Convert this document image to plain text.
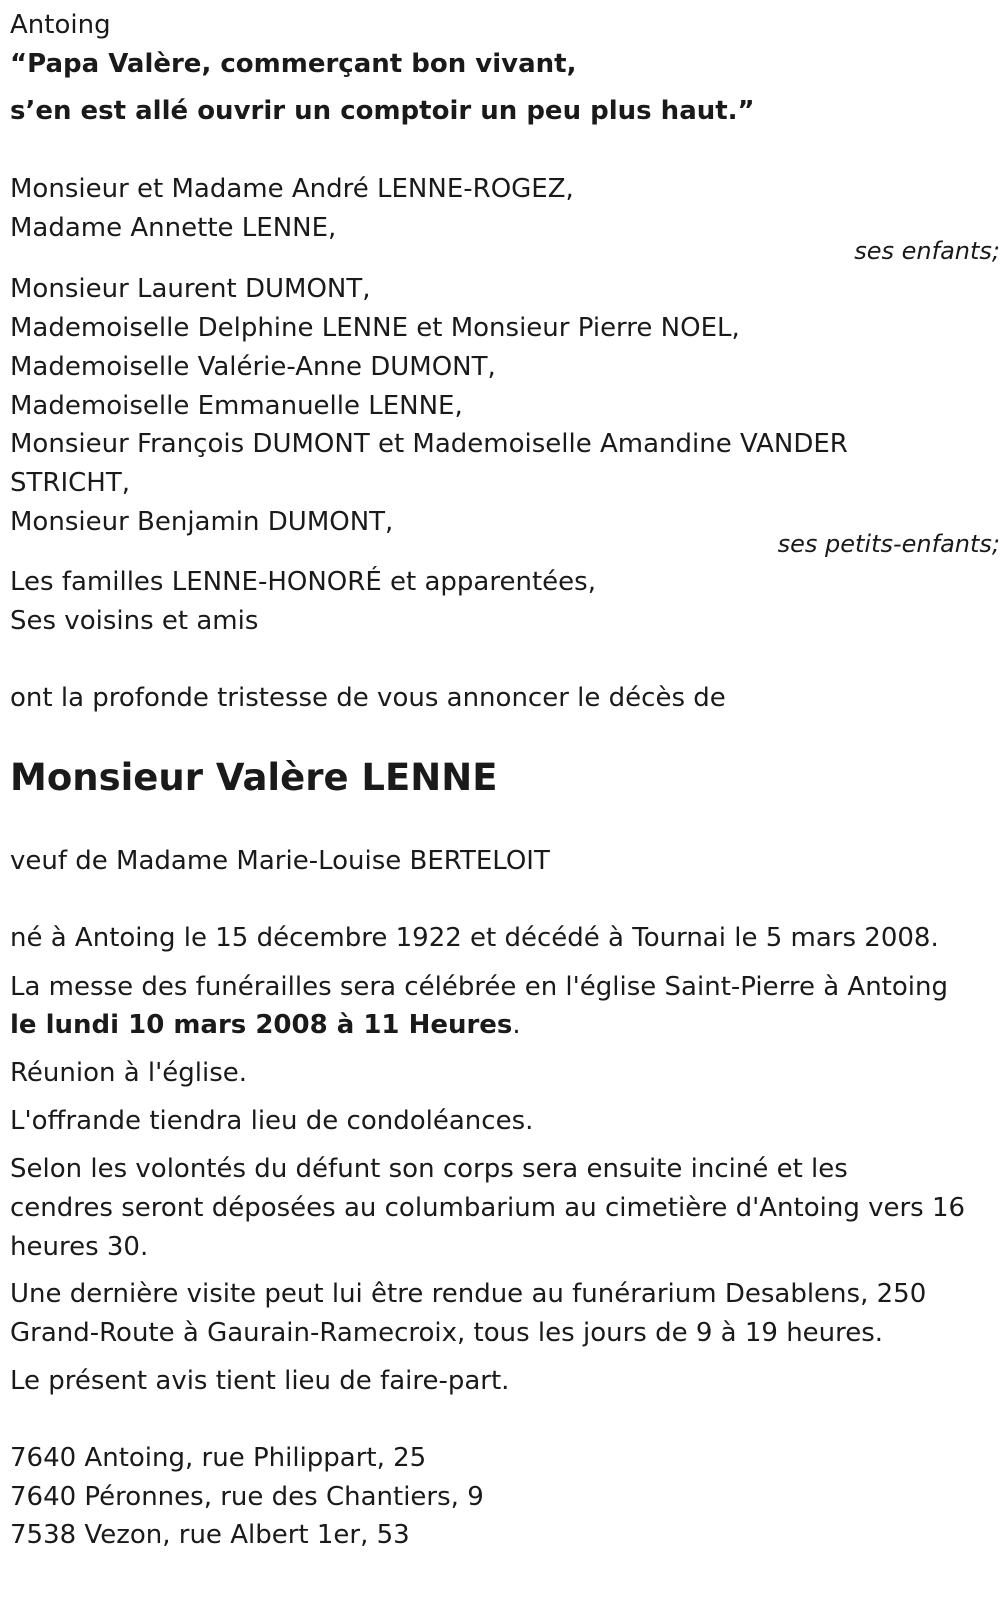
Antoing
“Papa Valère, commerçant bon vivant,
s’en est allé ouvrir un comptoir un peu plus haut.”
Monsieur et Madame André LENNE-ROGEZ,
Madame Annette LENNE,
ses enfants;
Monsieur Laurent DUMONT,
Mademoiselle Delphine LENNE et Monsieur Pierre NOEL,
Mademoiselle Valérie-Anne DUMONT,
Mademoiselle Emmanuelle LENNE,
Monsieur François DUMONT et Mademoiselle Amandine VANDER
STRICHT,
Monsieur Benjamin DUMONT,
ses petits-enfants;
Les familles LENNE-HONORÉ et apparentées,
Ses voisins et amis
ont la profonde tristesse de vous annoncer le décès de
Monsieur Valère LENNE
veuf de Madame Marie-Louise BERTELOIT
né à Antoing le 15 décembre 1922 et décédé à Tournai le 5 mars 2008.
La messe des funérailles sera célébrée en l'église Saint-Pierre à Antoing
le lundi 10 mars 2008 à 11 Heures.
Réunion à l'église.
L'offrande tiendra lieu de condoléances.
Selon les volontés du défunt son corps sera ensuite inciné et les
cendres seront déposées au columbarium au cimetière d'Antoing vers 16
heures 30.
Une dernière visite peut lui être rendue au funérarium Desablens, 250
Grand-Route à Gaurain-Ramecroix, tous les jours de 9 à 19 heures.
Le présent avis tient lieu de faire-part.
7640 Antoing, rue Philippart, 25
7640 Péronnes, rue des Chantiers, 9
7538 Vezon, rue Albert 1er, 53
